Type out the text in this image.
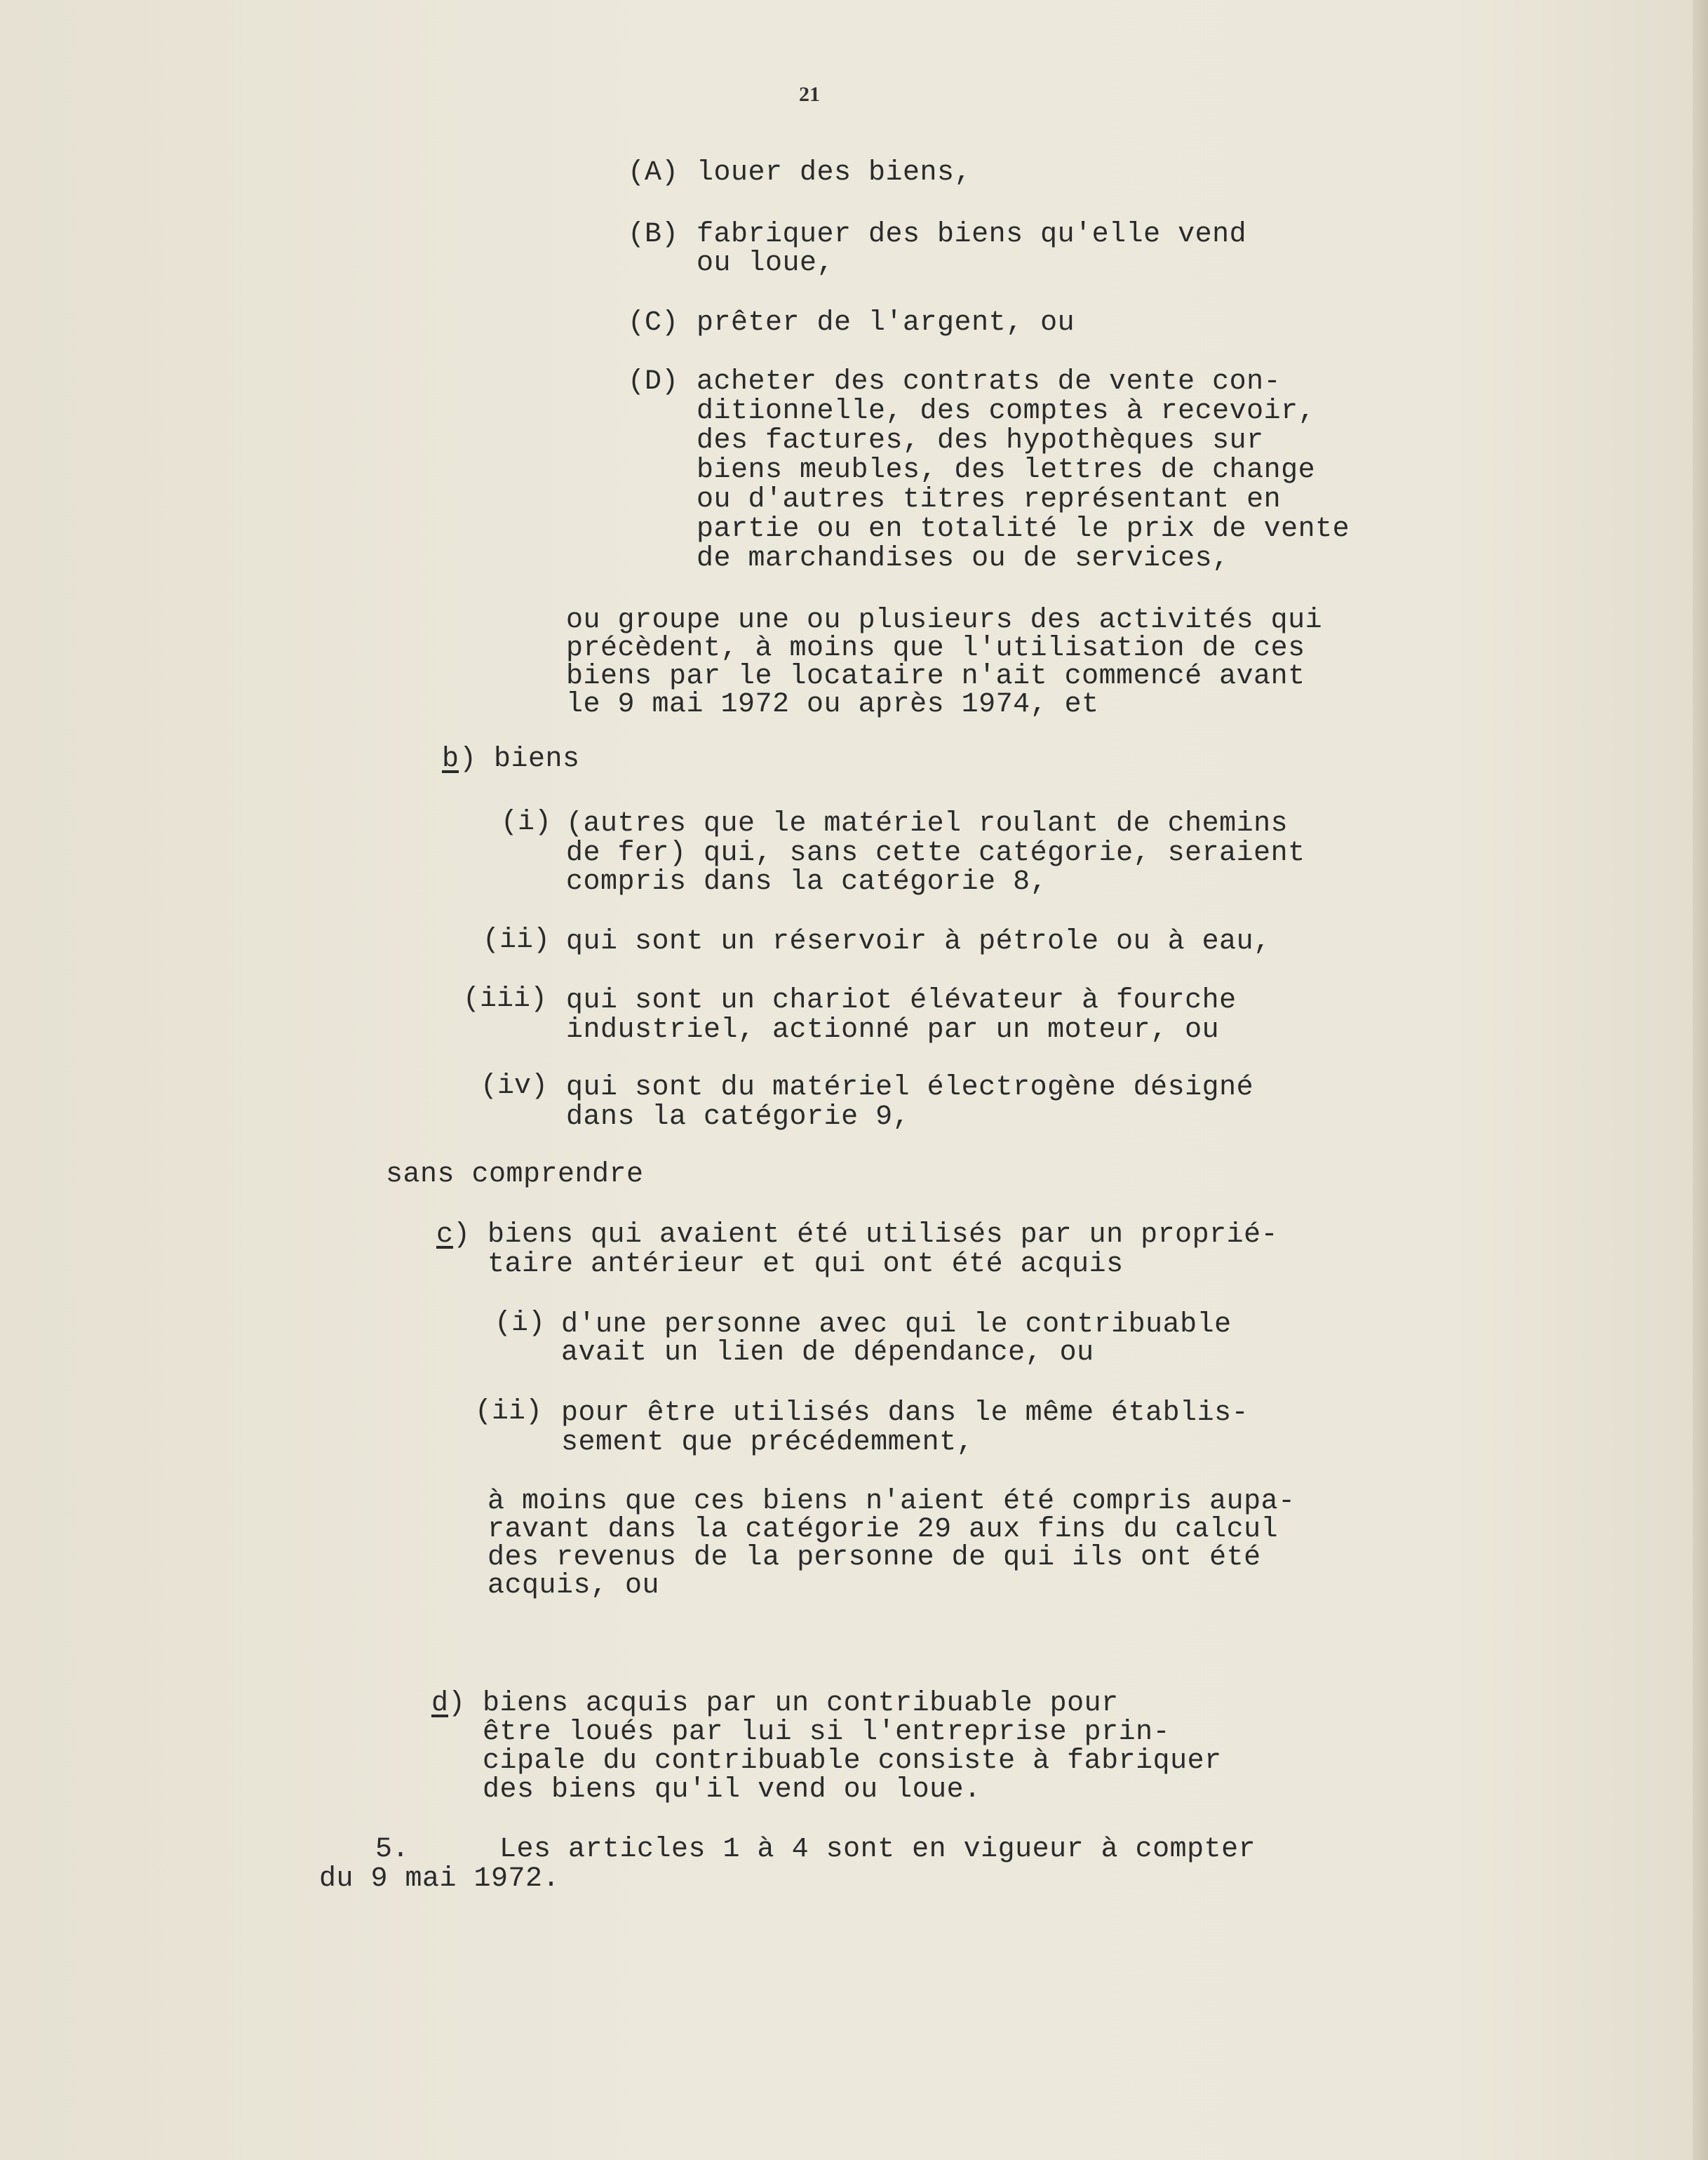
21
(A) louer des biens,
(B) fabriquer des biens qu'elle vend
ou loue,
(C) prêter de l'argent, ou
(D) acheter des contrats de vente con-
ditionnelle, des comptes à recevoir,
des factures, des hypothèques sur
biens meubles, des lettres de change
ou d'autres titres représentant en
partie ou en totalité le prix de vente
de marchandises ou de services,
ou groupe une ou plusieurs des activités qui
précèdent, à moins que l'utilisation de ces
biens par le locataire n'ait commencé avant
le 9 mai 1972 ou après 1974, et
b ) biens
(i) (autres que le matériel roulant de chemins
de fer) qui, sans cette catégorie, seraient
compris dans la catégorie 8,
(ii) qui sont un réservoir à pétrole ou à eau,
(iii) qui sont un chariot élévateur à fourche
industriel, actionné par un moteur, ou
(iv) qui sont du matériel électrogène désigné
dans la catégorie 9,
sans comprendre
c ) biens qui avaient été utilisés par un proprié-
taire antérieur et qui ont été acquis
(i) d'une personne avec qui le contribuable
avait un lien de dépendance, ou
(ii) pour être utilisés dans le même établis-
sement que précédemment,
à moins que ces biens n'aient été compris aupa-
ravant dans la catégorie 29 aux fins du calcul
des revenus de la personne de qui ils ont été
acquis, ou
d ) biens acquis par un contribuable pour
être loués par lui si l'entreprise prin-
cipale du contribuable consiste à fabriquer
des biens qu'il vend ou loue.
5.	Les articles 1 à 4 sont en vigueur à compter
du 9 mai 1972.
